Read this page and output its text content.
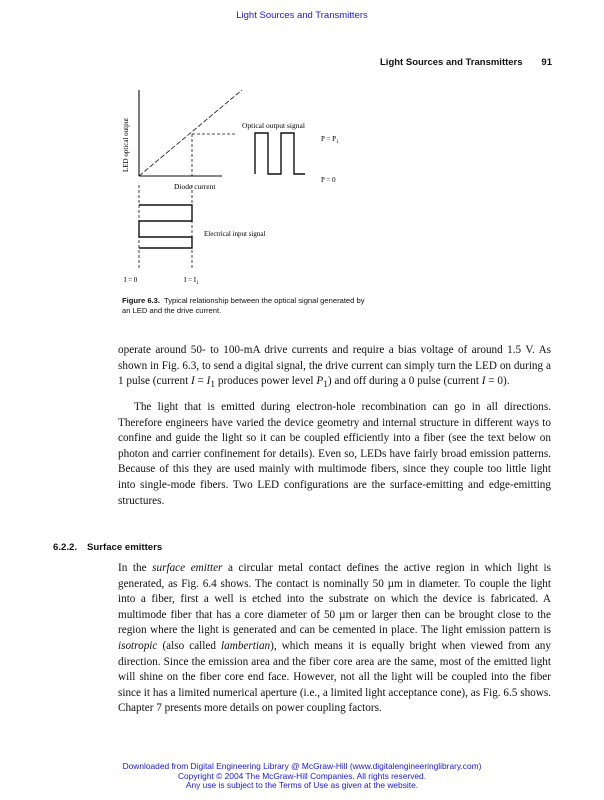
Light Sources and Transmitters
Light Sources and Transmitters 91
LED optical output
Diode current
Optical output signal
$P = P_1$
P = 0
Electrical input signal
I = 0	$I = I_1$
Figure 6.3. Typical relationship between the optical signal generated by an LED and the drive current.

operate around 50- to 100-mA drive currents and require a bias voltage of around 1.5 V. As shown in Fig. 6.3, to send a digital signal, the drive current can simply turn the LED on during a 1 pulse (current $I = I_1$ produces power level $P_1$) and off during a 0 pulse (current I = 0).

The light that is emitted during electron-hole recombination can go in all directions. Therefore engineers have varied the device geometry and internal structure in different ways to confine and guide the light so it can be coupled efficiently into a fiber (see the text below on photon and carrier confinement for details). Even so, LEDs have fairly broad emission patterns. Because of this they are used mainly with multimode fibers, since they couple too little light into single-mode fibers. Two LED configurations are the surface-emitting and edge-emitting structures.

6.2.2. Surface emitters

In the surface emitter a circular metal contact defines the active region in which light is generated, as Fig. 6.4 shows. The contact is nominally 50 µm in diameter. To couple the light into a fiber, first a well is etched into the substrate on which the device is fabricated. A multimode fiber that has a core diameter of 50 µm or larger then can be brought close to the region where the light is generated and can be cemented in place. The light emission pattern is isotropic (also called lambertian), which means it is equally bright when viewed from any direction. Since the emission area and the fiber core area are the same, most of the emitted light will shine on the fiber core end face. However, not all the light will be coupled into the fiber since it has a limited numerical aperture (i.e., a limited light acceptance cone), as Fig. 6.5 shows. Chapter 7 presents more details on power coupling factors.

Downloaded from Digital Engineering Library @ McGraw-Hill (www.digitalengineeringlibrary.com)
Copyright © 2004 The McGraw-Hill Companies. All rights reserved.
Any use is subject to the Terms of Use as given at the website.
